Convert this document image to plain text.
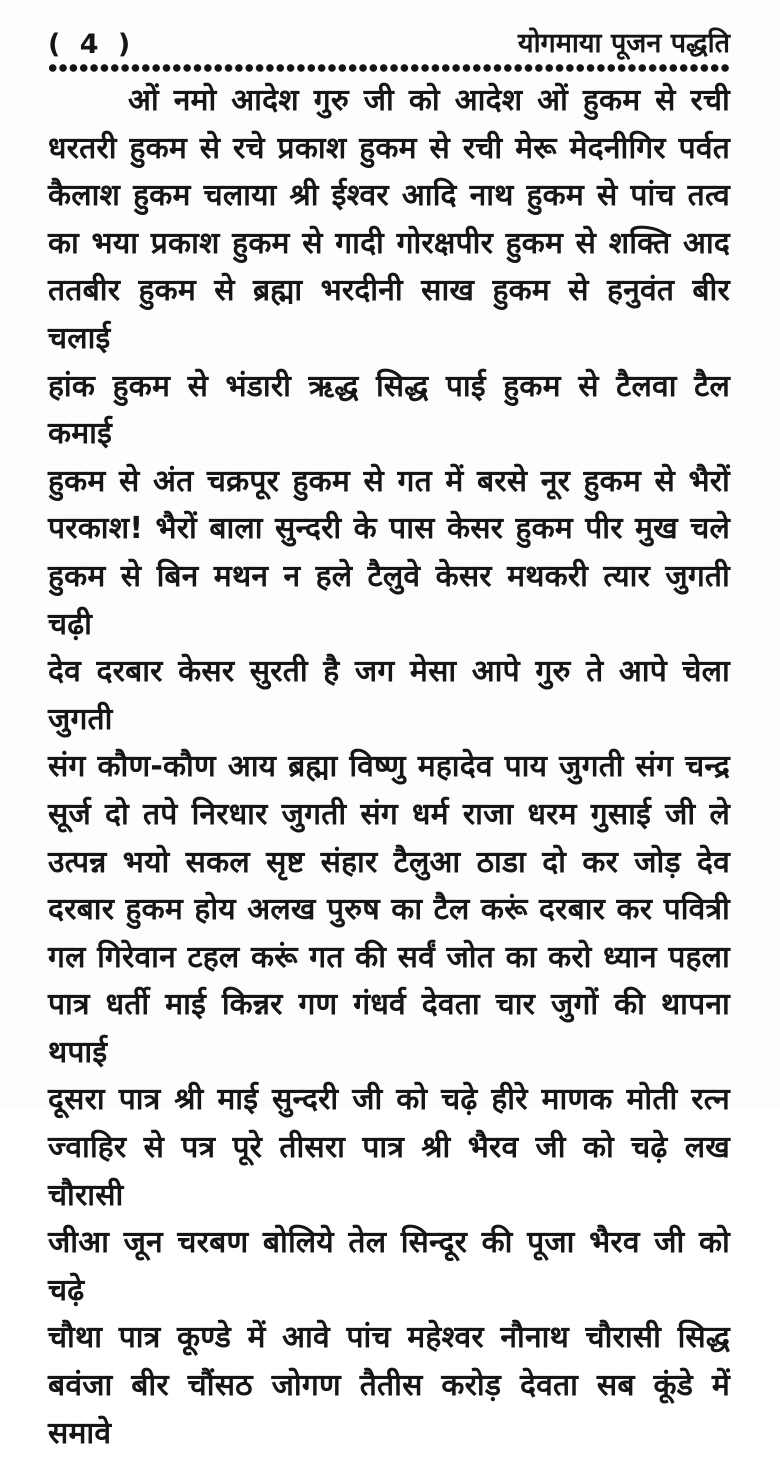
( 4 )	योगमाया पूजन पद्धति
ओं नमो आदेश गुरु जी को आदेश ओं हुकम से रची
धरतरी हुकम से रचे प्रकाश हुकम से रची मेरू मेदनीगिर पर्वत
कैलाश हुकम चलाया श्री ईश्वर आदि नाथ हुकम से पांच तत्व
का भया प्रकाश हुकम से गादी गोरक्षपीर हुकम से शक्ति आद
ततबीर हुकम से ब्रह्मा भरदीनी साख हुकम से हनुवंत बीर चलाई
हांक हुकम से भंडारी ऋद्ध सिद्ध पाई हुकम से टैलवा टैल कमाई
हुकम से अंत चक्रपूर हुकम से गत में बरसे नूर हुकम से भैरों
परकाश! भैरों बाला सुन्दरी के पास केसर हुकम पीर मुख चले
हुकम से बिन मथन न हले टैलुवे केसर मथकरी त्यार जुगती चढ़ी
देव दरबार केसर सुरती है जग मेसा आपे गुरु ते आपे चेला जुगती
संग कौण-कौण आय ब्रह्मा विष्णु महादेव पाय जुगती संग चन्द्र
सूर्ज दो तपे निरधार जुगती संग धर्म राजा धरम गुसाई जी ले
उत्पन्न भयो सकल सृष्ट संहार टैलुआ ठाडा दो कर जोड़ देव
दरबार हुकम होय अलख पुरुष का टैल करूं दरबार कर पवित्री
गल गिरेवान टहल करूं गत की सर्वं जोत का करो ध्यान पहला
पात्र धर्ती माई किन्नर गण गंधर्व देवता चार जुगों की थापना थपाई
दूसरा पात्र श्री माई सुन्दरी जी को चढ़े हीरे माणक मोती रत्न
ज्वाहिर से पत्र पूरे तीसरा पात्र श्री भैरव जी को चढ़े लख चौरासी
जीआ जून चरबण बोलिये तेल सिन्दूर की पूजा भैरव जी को चढ़े
चौथा पात्र कूण्डे में आवे पांच महेश्वर नौनाथ चौरासी सिद्ध
बवंजा बीर चौंसठ जोगण तैतीस करोड़ देवता सब कूंडे में समावे
